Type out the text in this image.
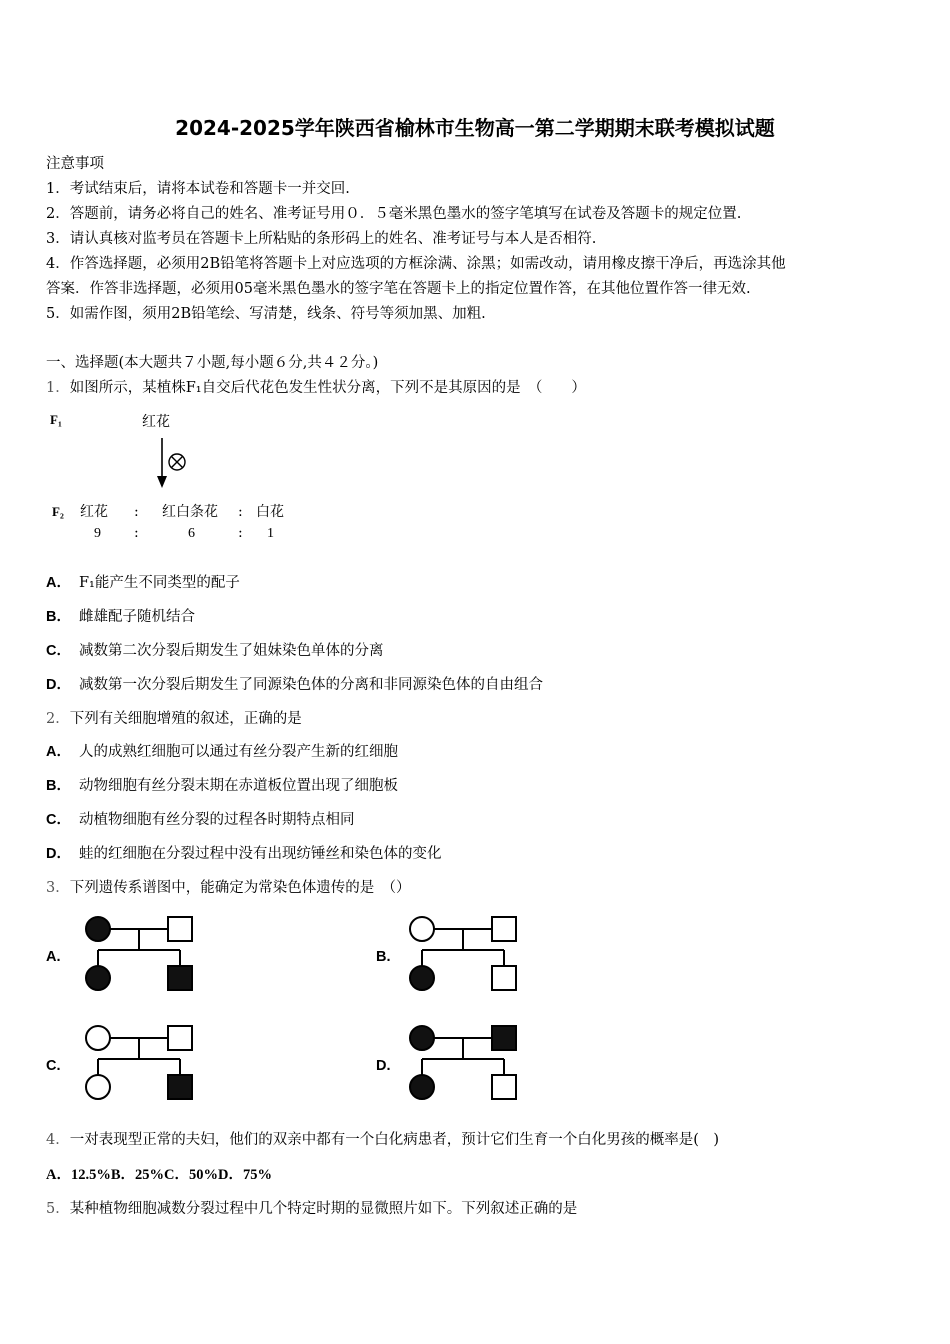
2024-2025学年陕西省榆林市生物高一第二学期期末联考模拟试题
注意事项
1．考试结束后，请将本试卷和答题卡一并交回.
2．答题前，请务必将自己的姓名、准考证号用０．５毫米黑色墨水的签字笔填写在试卷及答题卡的规定位置.
3．请认真核对监考员在答题卡上所粘贴的条形码上的姓名、准考证号与本人是否相符.
4．作答选择题，必须用2B铅笔将答题卡上对应选项的方框涂满、涂黑；如需改动，请用橡皮擦干净后，再选涂其他
答案．作答非选择题，必须用05毫米黑色墨水的签字笔在答题卡上的指定位置作答，在其他位置作答一律无效.
5．如需作图，须用2B铅笔绘、写清楚，线条、符号等须加黑、加粗.
一、选择题(本大题共７小题,每小题６分,共４２分。)
1．如图所示，某植株F₁自交后代花色发生性状分离，下列不是其原因的是　（　　）
F₁	红花
F₂ 红花 : 红白条花 : 白花
9 :	6	: 1
A． F₁能产生不同类型的配子
B． 雌雄配子随机结合
C． 减数第二次分裂后期发生了姐妹染色单体的分离
D． 减数第一次分裂后期发生了同源染色体的分离和非同源染色体的自由组合
2．下列有关细胞增殖的叙述，正确的是
A． 人的成熟红细胞可以通过有丝分裂产生新的红细胞
B． 动物细胞有丝分裂末期在赤道板位置出现了细胞板
C． 动植物细胞有丝分裂的过程各时期特点相同
D． 蛙的红细胞在分裂过程中没有出现纺锤丝和染色体的变化
3．下列遗传系谱图中，能确定为常染色体遗传的是　（）
A.	B.
C.	D.
4．一对表现型正常的夫妇，他们的双亲中都有一个白化病患者，预计它们生育一个白化男孩的概率是(　)
A．12.5%B．25%C．50%D．75%
5．某种植物细胞减数分裂过程中几个特定时期的显微照片如下。下列叙述正确的是
